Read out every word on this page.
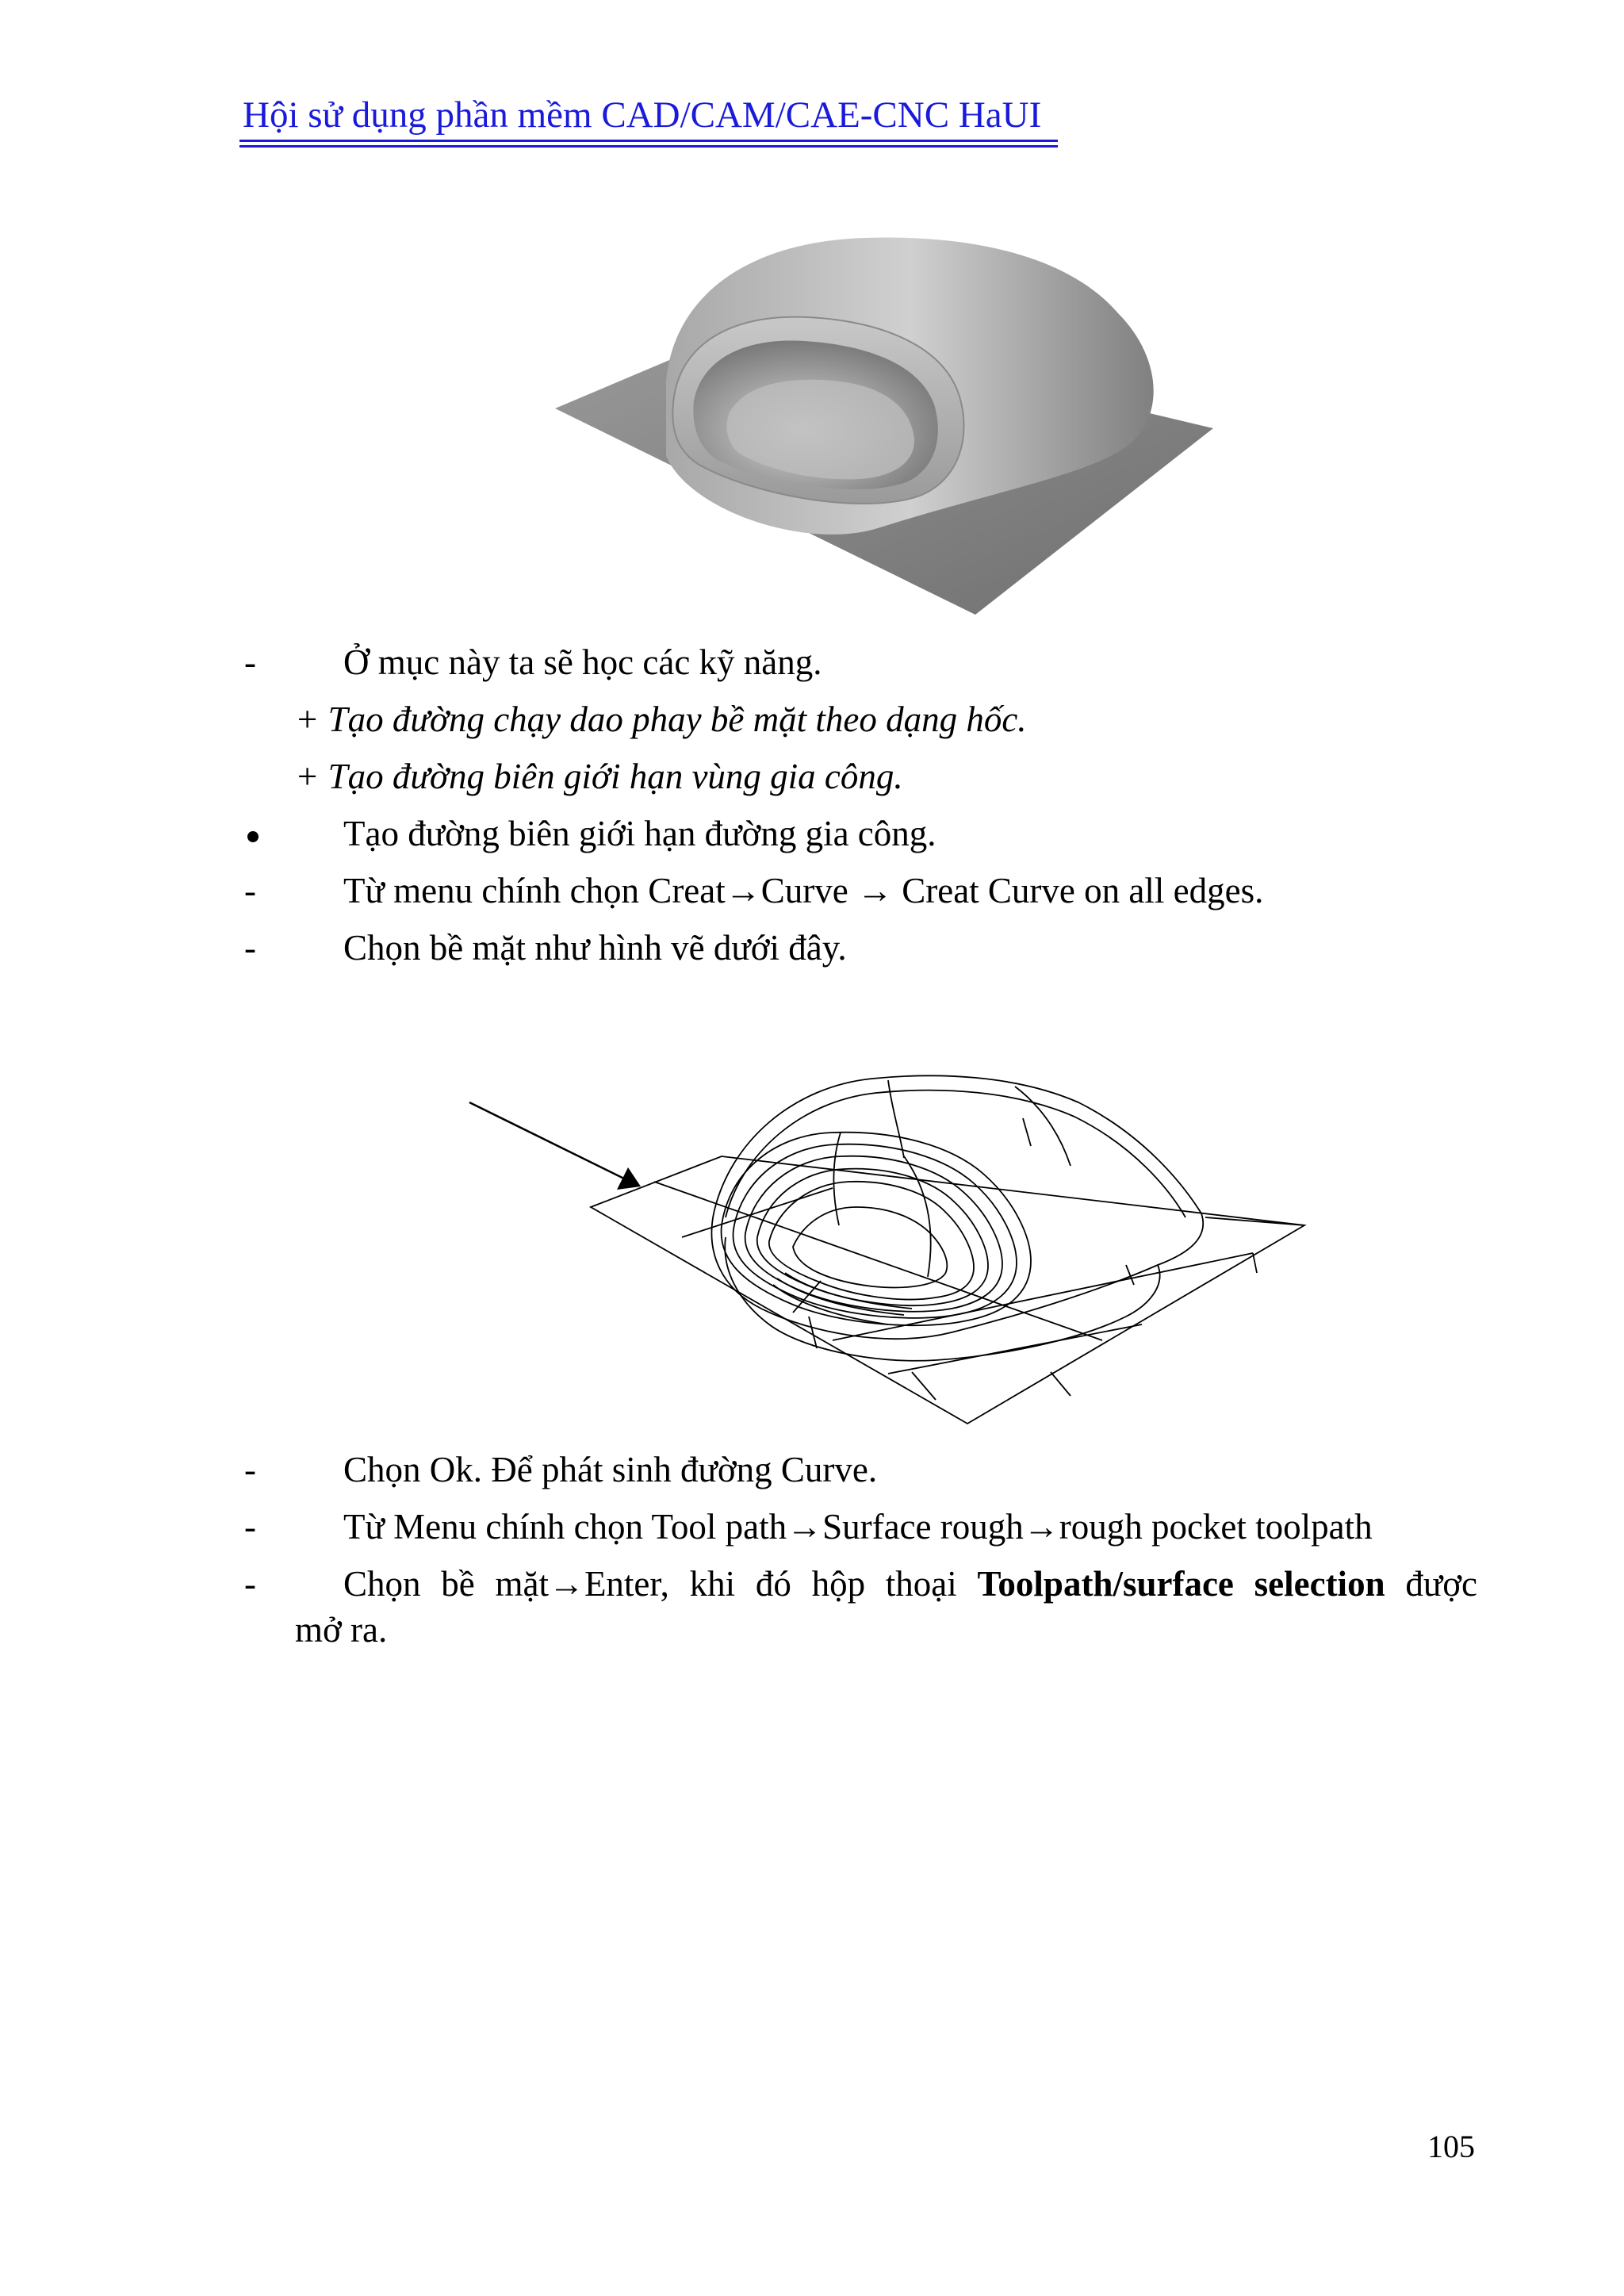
Hội sử dụng phần mềm CAD/CAM/CAE-CNC HaUI
- Ở mục này ta sẽ học các kỹ năng.
+ Tạo đường chạy dao phay bề mặt theo dạng hốc.
+ Tạo đường biên giới hạn vùng gia công.
Tạo đường biên giới hạn đường gia công.
- Từ menu chính chọn Creat→Curve → Creat Curve on all edges.
- Chọn bề mặt như hình vẽ dưới đây.
- Chọn Ok. Để phát sinh đường Curve.
- Từ Menu chính chọn Tool path→Surface rough→rough pocket toolpath
- Chọn bề mặt→Enter, khi đó hộp thoại Toolpath/surface selection được
mở ra.
105
